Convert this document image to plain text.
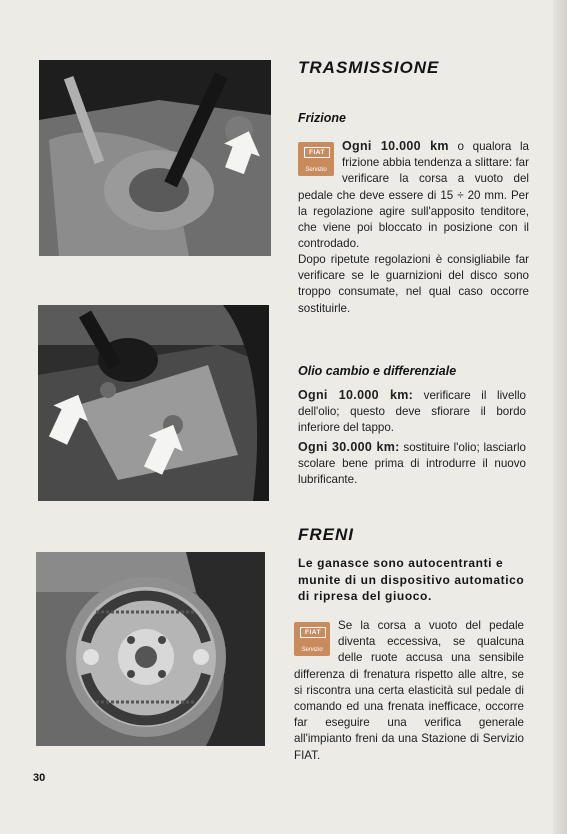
TRASMISSIONE
Frizione
FIAT
Servizio
Ogni 10.000 km o qualora la frizione abbia tendenza a slittare: far verificare la corsa a vuoto del pedale che deve essere di 15 ÷ 20 mm. Per la regolazione agire sull'apposito tenditore, che viene poi bloccato in posizione con il controdado.
Dopo ripetute regolazioni è consigliabile far verificare se le guarnizioni del disco sono troppo consumate, nel qual caso occorre sostituirle.
Olio cambio e differenziale
Ogni 10.000 km: verificare il livello dell'olio; questo deve sfiorare il bordo inferiore del tappo.
Ogni 30.000 km: sostituire l'olio; lasciarlo scolare bene prima di introdurre il nuovo lubrificante.
FRENI
Le ganasce sono autocentranti e munite di un dispositivo automatico di ripresa del giuoco.
FIAT
Servizio
Se la corsa a vuoto del pedale diventa eccessiva, se qualcuna delle ruote accusa una sensibile differenza di frenatura rispetto alle altre, se si riscontra una certa elasticità sul pedale di comando ed una frenata inefficace, occorre far eseguire una verifica generale all'impianto freni da una Stazione di Servizio FIAT.
30
